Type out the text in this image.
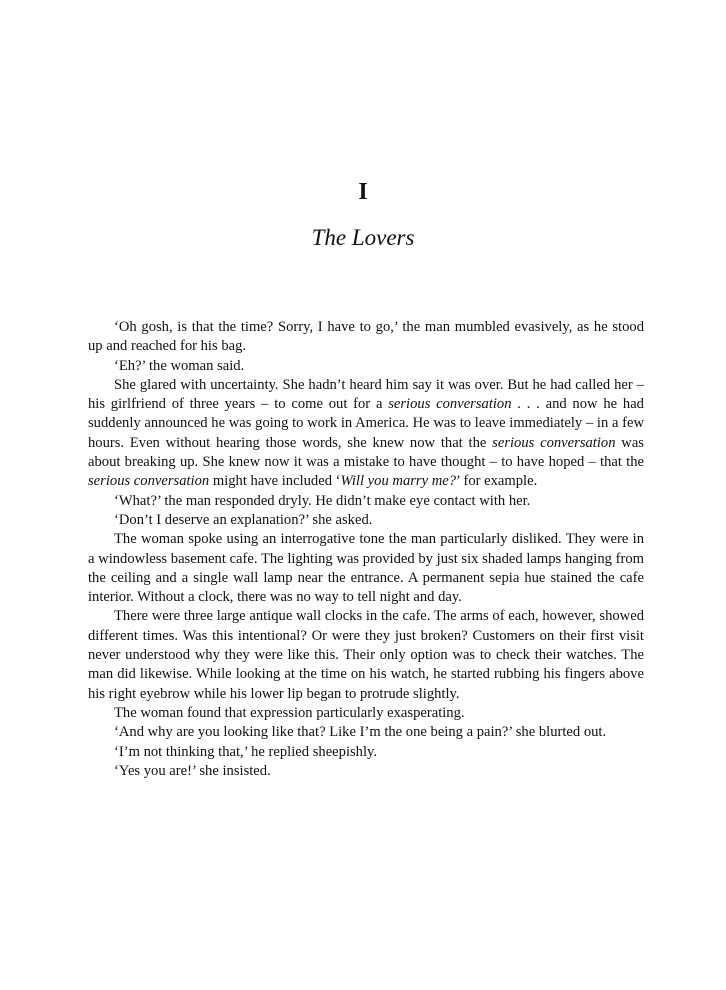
I
The Lovers

‘Oh gosh, is that the time? Sorry, I have to go,’ the man mumbled evasively, as he stood up and reached for his bag.

‘Eh?’ the woman said.

She glared with uncertainty. She hadn’t heard him say it was over. But he had called her – his girlfriend of three years – to come out for a serious conversation . . . and now he had suddenly announced he was going to work in America. He was to leave immediately – in a few hours. Even without hearing those words, she knew now that the serious conversation was about breaking up. She knew now it was a mistake to have thought – to have hoped – that the serious conversation might have included ‘Will you marry me?’ for example.

‘What?’ the man responded dryly. He didn’t make eye contact with her.

‘Don’t I deserve an explanation?’ she asked.

The woman spoke using an interrogative tone the man particularly disliked. They were in a windowless basement cafe. The lighting was provided by just six shaded lamps hanging from the ceiling and a single wall lamp near the entrance. A permanent sepia hue stained the cafe interior. Without a clock, there was no way to tell night and day.

There were three large antique wall clocks in the cafe. The arms of each, however, showed different times. Was this intentional? Or were they just broken? Customers on their first visit never understood why they were like this. Their only option was to check their watches. The man did likewise. While looking at the time on his watch, he started rubbing his fingers above his right eyebrow while his lower lip began to protrude slightly.

The woman found that expression particularly exasperating.

‘And why are you looking like that? Like I’m the one being a pain?’ she blurted out.

‘I’m not thinking that,’ he replied sheepishly.

‘Yes you are!’ she insisted.
